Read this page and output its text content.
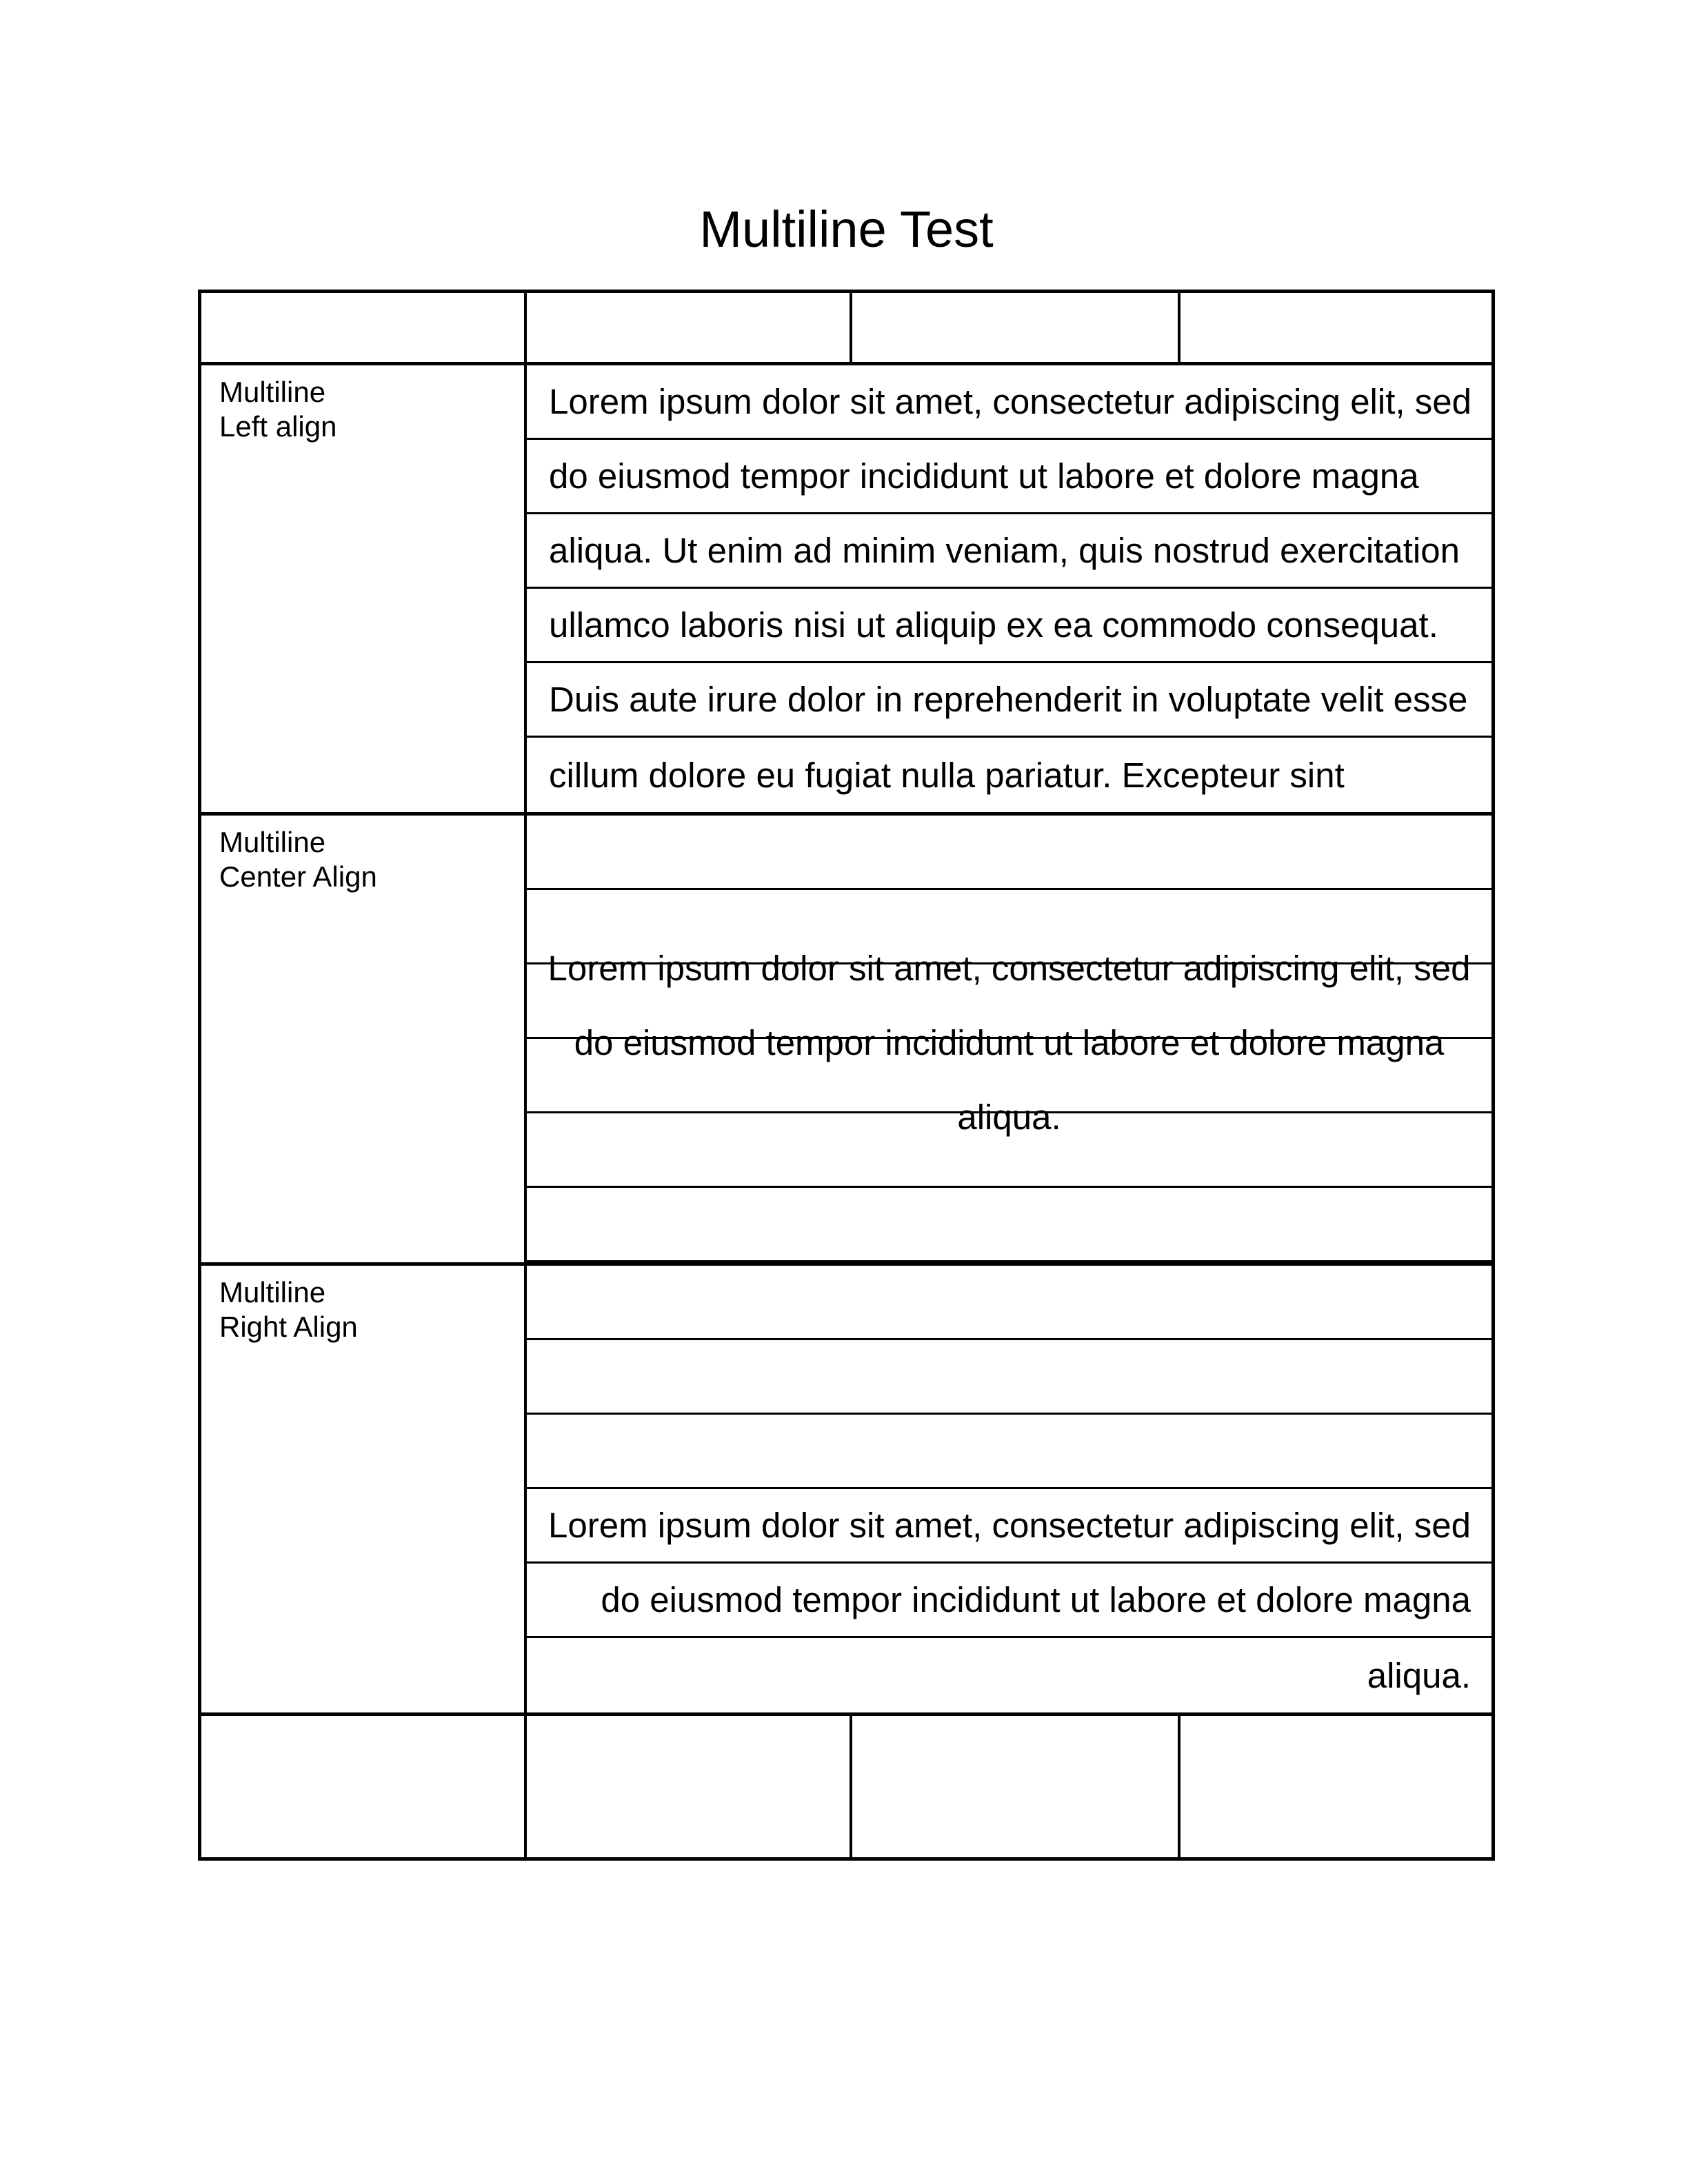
Multiline Test
Multiline
Left align
Lorem ipsum dolor sit amet, consectetur adipiscing elit, sed
do eiusmod tempor incididunt ut labore et dolore magna
aliqua. Ut enim ad minim veniam, quis nostrud exercitation
ullamco laboris nisi ut aliquip ex ea commodo consequat.
Duis aute irure dolor in reprehenderit in voluptate velit esse
cillum dolore eu fugiat nulla pariatur. Excepteur sint
Multiline
Center Align
Lorem ipsum dolor sit amet, consectetur adipiscing elit, sed
do eiusmod tempor incididunt ut labore et dolore magna
aliqua.
Multiline
Right Align
Lorem ipsum dolor sit amet, consectetur adipiscing elit, sed
do eiusmod tempor incididunt ut labore et dolore magna
aliqua.
